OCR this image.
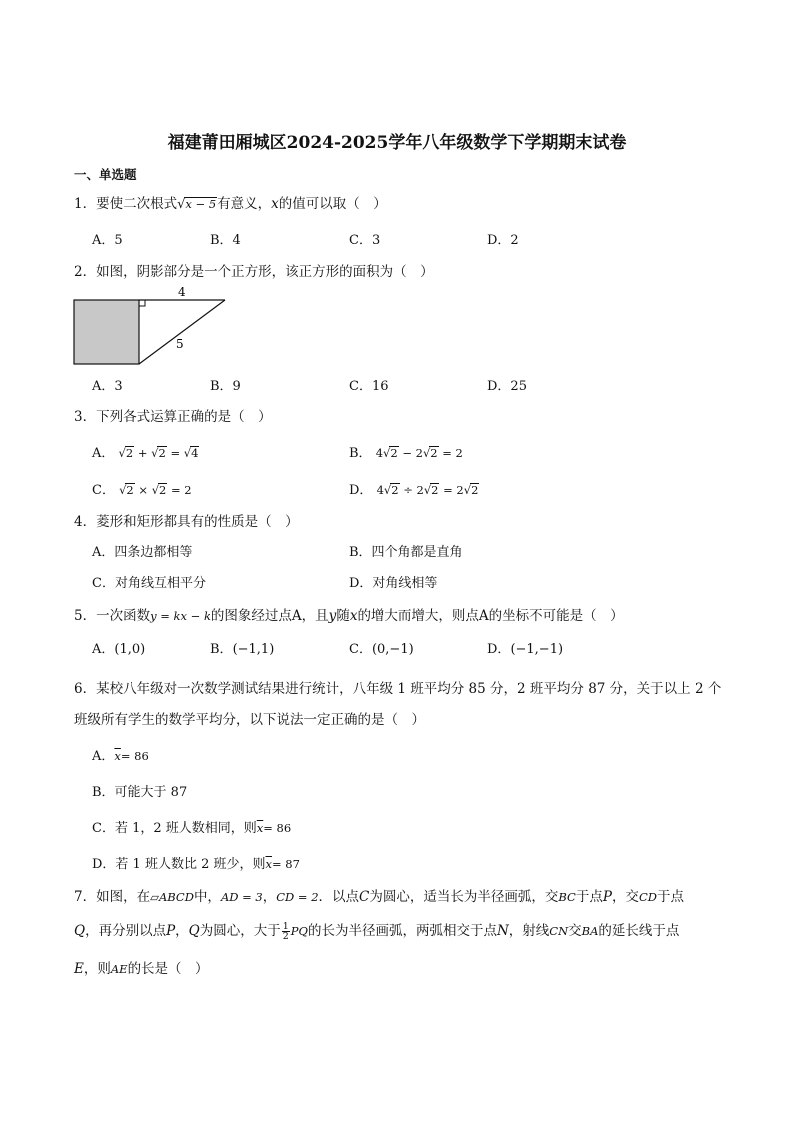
福建莆田厢城区2024-2025学年八年级数学下学期期末试卷
一、单选题
1．要使二次根式√x − 5有意义，x的值可以取（　）
A．5	B．4	C．3	D．2
2．如图，阴影部分是一个正方形，该正方形的面积为（　）
4
5
A．3	B．9	C．16	D．25
3．下列各式运算正确的是（　）
A． √2 + √2 = √4	B． 4√2 − 2√2 = 2
C． √2 × √2 = 2	D． 4√2 ÷ 2√2 = 2√2
4．菱形和矩形都具有的性质是（　）
A．四条边都相等	B．四个角都是直角
C．对角线互相平分	D．对角线相等
5．一次函数y = kx − k的图象经过点A，且y随x的增大而增大，则点A的坐标不可能是（　）
A．(1,0)	B．(−1,1)	C．(0,−1)	D．(−1,−1)
6．某校八年级对一次数学测试结果进行统计，八年级 1 班平均分 85 分，2 班平均分 87 分，关于以上 2 个
班级所有学生的数学平均分，以下说法一定正确的是（　）
A．$\overline{x}= 86$
B．可能大于 87
C．若 1，2 班人数相同，则$\overline{x}= 86$
D．若 1 班人数比 2 班少，则$\overline{x}= 87$
7．如图，在▱ABCD中，AD = 3，CD = 2．以点C为圆心，适当长为半径画弧，交BC于点P，交CD于点
Q，再分别以点P，Q为圆心，大于 $\frac{1}{2}$ PQ的长为半径画弧，两弧相交于点N，射线CN交BA的延长线于点
E，则AE的长是（　）
